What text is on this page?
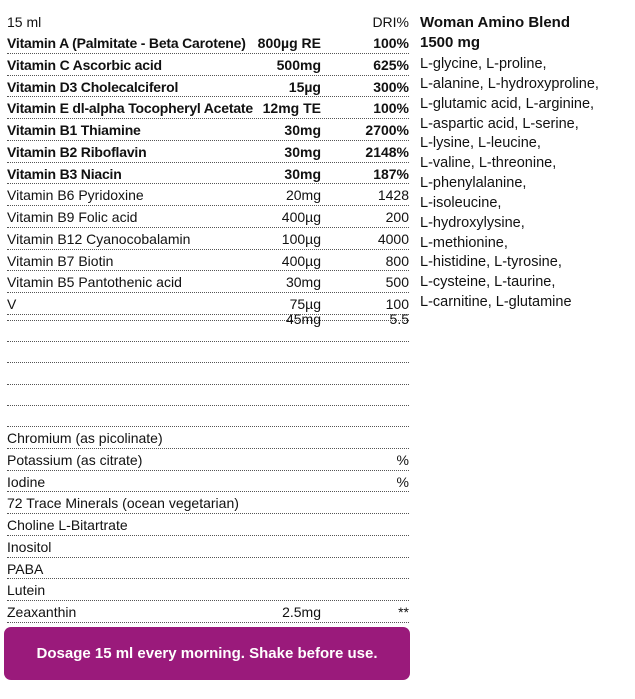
15 ml	DRI%
Vitamin A (Palmitate - Beta Carotene) 800µg RE	100%
Vitamin C Ascorbic acid	500mg	625%
Vitamin D3 Cholecalciferol	15µg	300%
Vitamin E dl-alpha Tocopheryl Acetate 12mg TE	100%
Vitamin B1 Thiamine	30mg	2700%
Vitamin B2 Riboflavin	30mg	2148%
Vitamin B3 Niacin	30mg	187%
Vitamin B6 Pyridoxine	20mg	1428
Vitamin B9 Folic acid	400µg	200
Vitamin B12 Cyanocobalamin	100µg	4000
Vitamin B7 Biotin	400µg	800
Vitamin B5 Pantothenic acid	30mg	500
V	75µg	100
45mg	5.5
Chromium (as picolinate)
Potassium (as citrate)	%
Iodine	%
72 Trace Minerals (ocean vegetarian)
Choline L-Bitartrate
Inositol
PABA
Lutein
Zeaxanthin	2.5mg	**
Woman Amino Blend
1500 mg
L-glycine, L-proline,
L-alanine, L-hydroxyproline,
L-glutamic acid, L-arginine,
L-aspartic acid, L-serine,
L-lysine, L-leucine,
L-valine, L-threonine,
L-phenylalanine,
L-isoleucine,
L-hydroxylysine,
L-methionine,
L-histidine, L-tyrosine,
L-cysteine, L-taurine,
L-carnitine, L-glutamine
Dosage 15 ml every morning. Shake before use.
